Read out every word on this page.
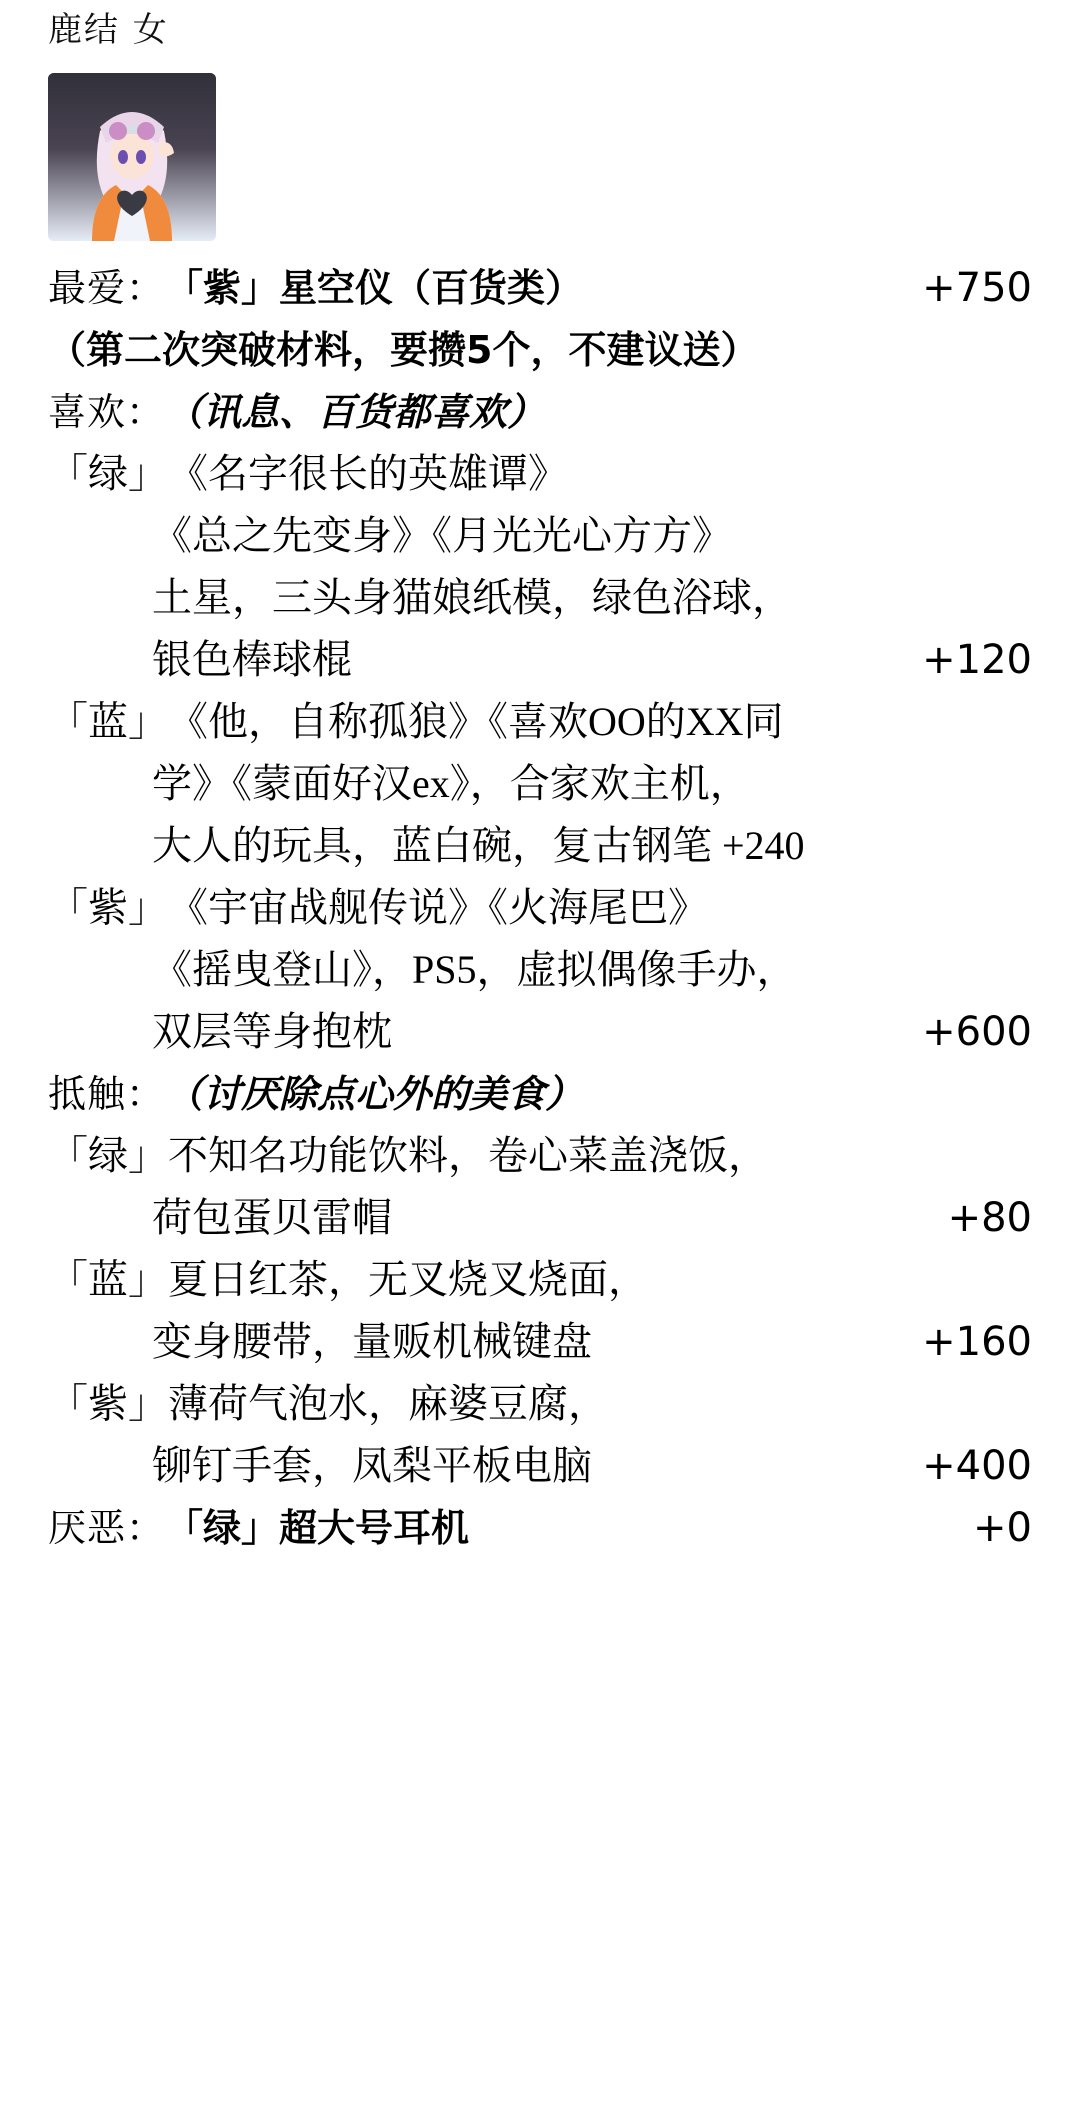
鹿结 女
最爱： 「紫」星空仪（百货类）	+750
（第二次突破材料，要攒5个，不建议送）
喜欢： （讯息、百货都喜欢）
「绿」 《名字很长的英雄谭》
《总之先变身》《月光光心方方》
土星，三头身猫娘纸模，绿色浴球，
银色棒球棍	+120
「蓝」 《他，自称孤狼》《喜欢OO的XX同
学》《蒙面好汉ex》，合家欢主机，
大人的玩具，蓝白碗，复古钢笔 +240
「紫」 《宇宙战舰传说》《火海尾巴》
《摇曳登山》，PS5，虚拟偶像手办，
双层等身抱枕	+600
抵触： （讨厌除点心外的美食）
「绿」 不知名功能饮料，卷心菜盖浇饭，
荷包蛋贝雷帽	+80
「蓝」 夏日红茶，无叉烧叉烧面，
变身腰带，量贩机械键盘	+160
「紫」 薄荷气泡水，麻婆豆腐，
铆钉手套，凤梨平板电脑	+400
厌恶： 「绿」超大号耳机	+0
